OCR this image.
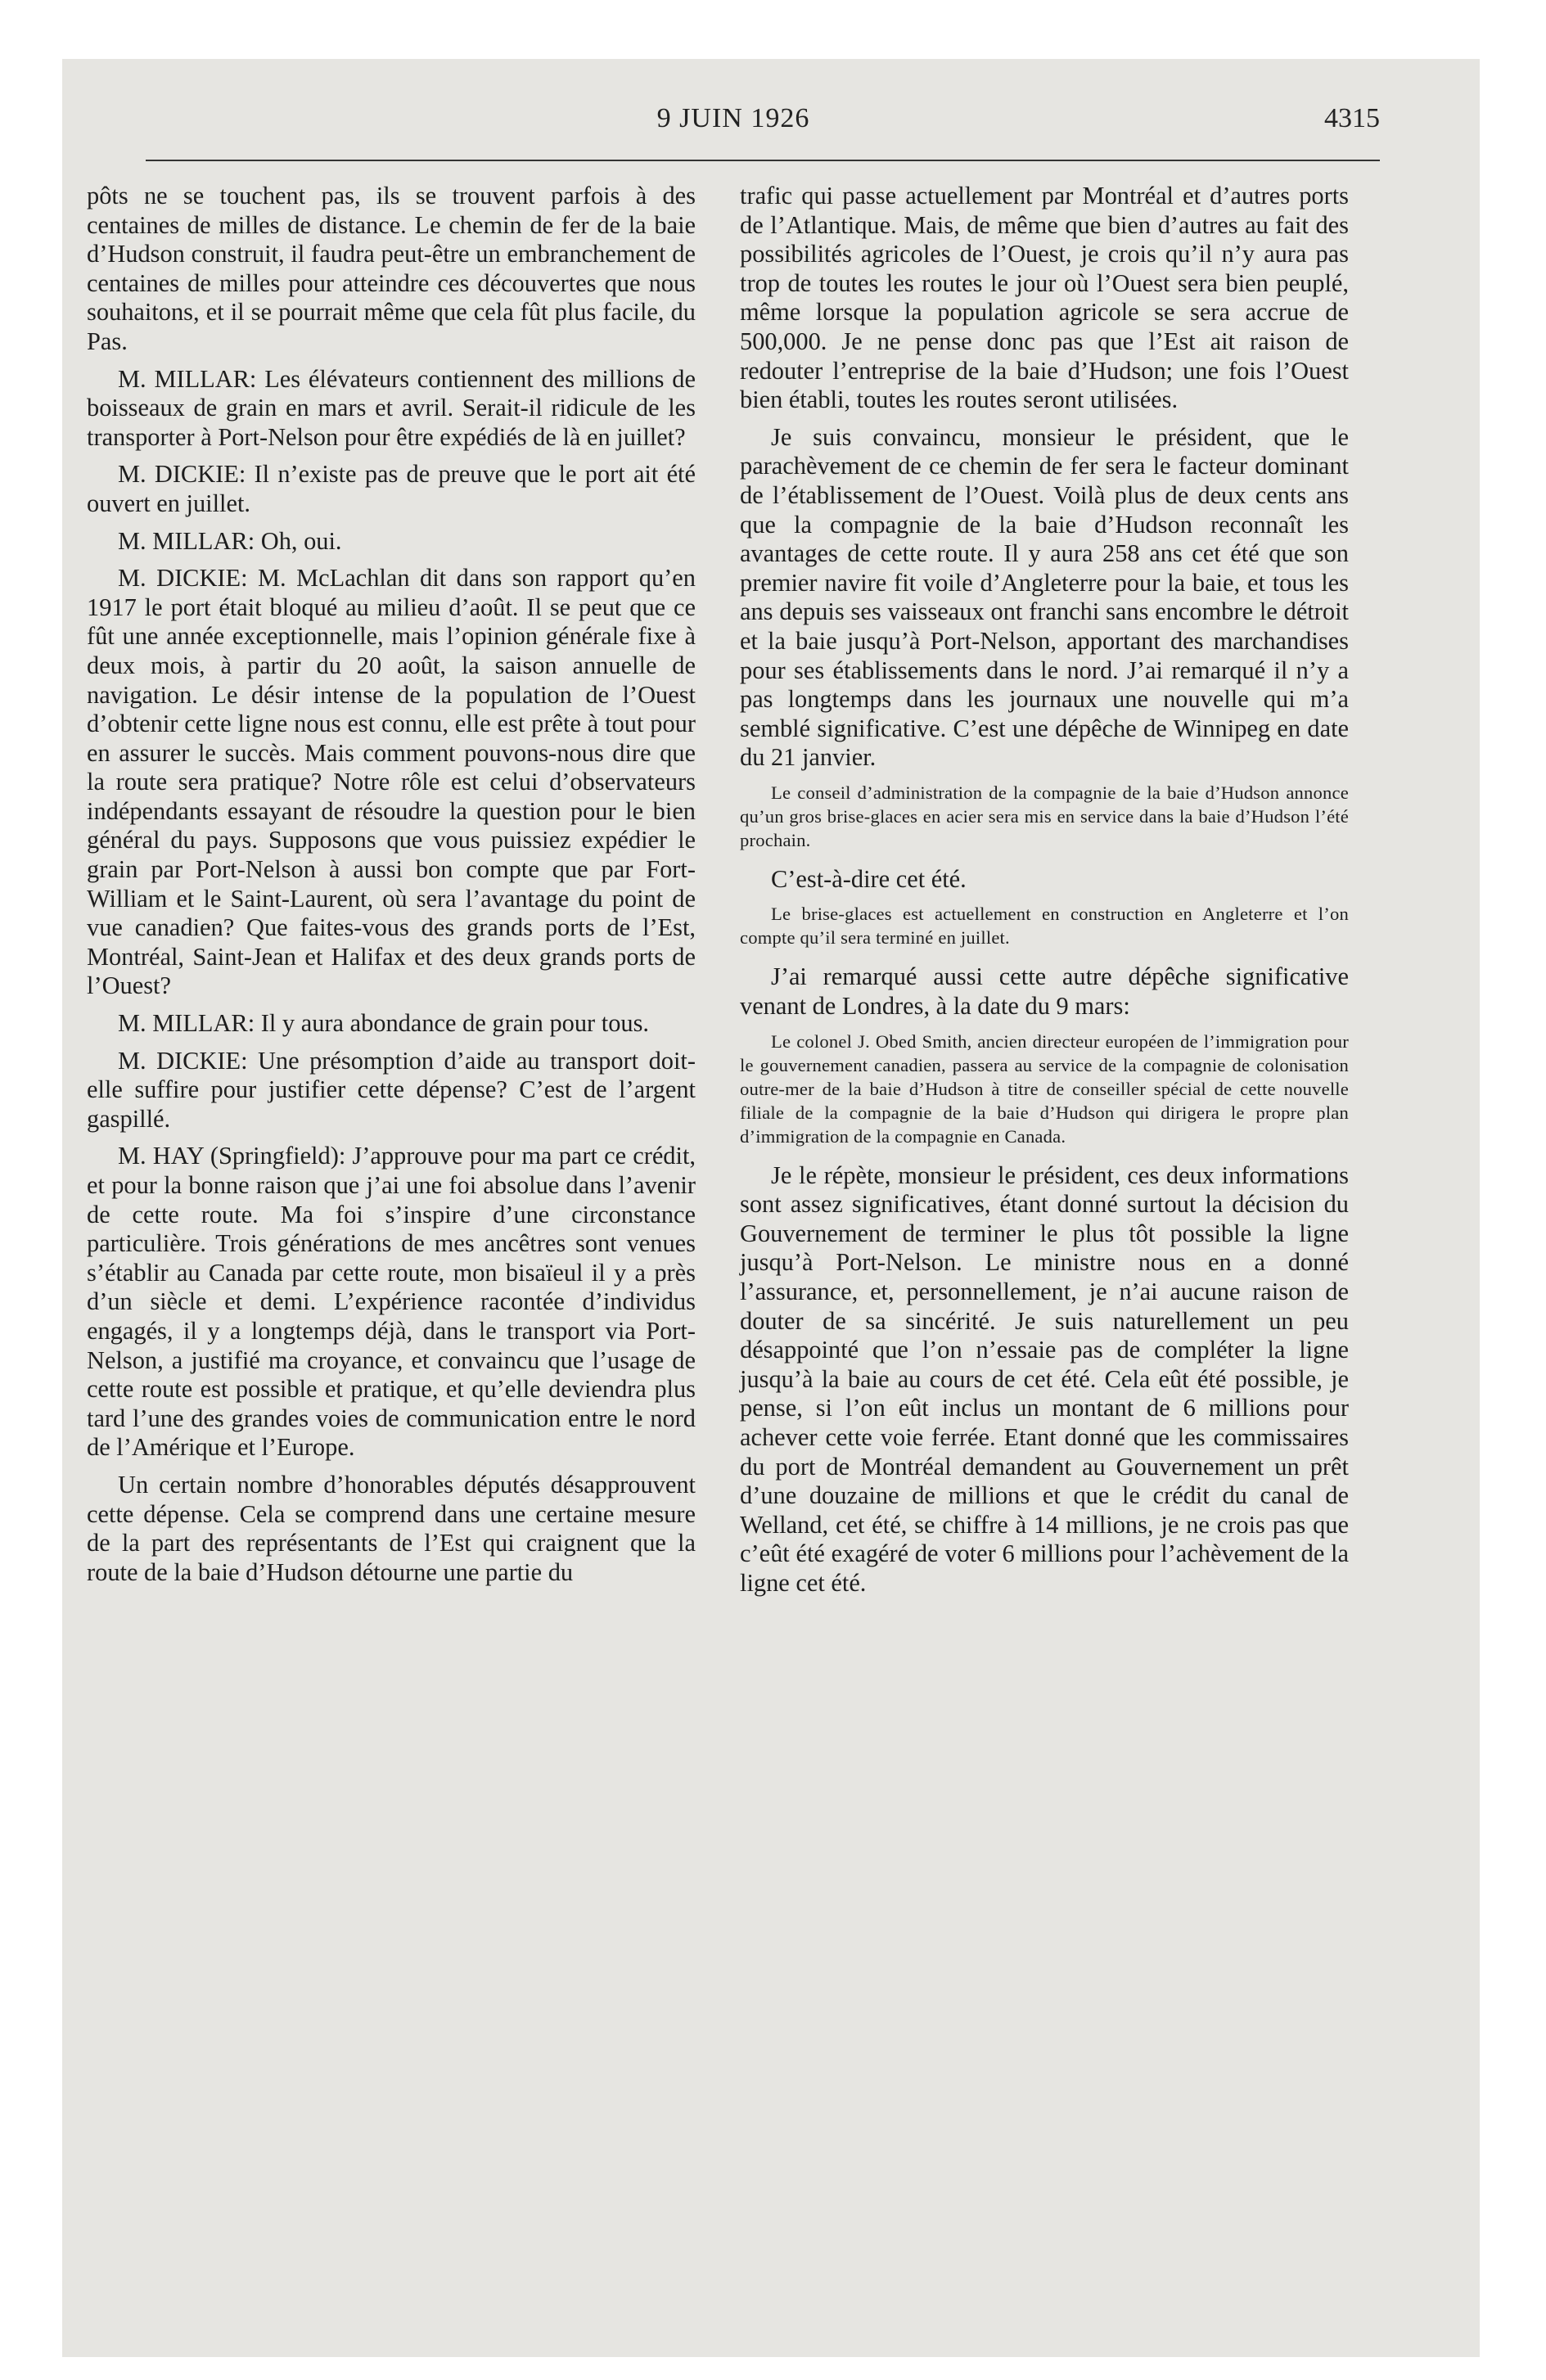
9 JUIN 1926	4315

pôts ne se touchent pas, ils se trouvent parfois à des centaines de milles de distance. Le chemin de fer de la baie d’Hudson construit, il faudra peut-être un embranchement de centaines de milles pour atteindre ces découvertes que nous souhaitons, et il se pourrait même que cela fût plus facile, du Pas.

M. MILLAR: Les élévateurs contiennent des millions de boisseaux de grain en mars et avril. Serait-il ridicule de les transporter à Port-Nelson pour être expédiés de là en juillet?

M. DICKIE: Il n’existe pas de preuve que le port ait été ouvert en juillet.

M. MILLAR: Oh, oui.

M. DICKIE: M. McLachlan dit dans son rapport qu’en 1917 le port était bloqué au milieu d’août. Il se peut que ce fût une année exceptionnelle, mais l’opinion générale fixe à deux mois, à partir du 20 août, la saison annuelle de navigation. Le désir intense de la population de l’Ouest d’obtenir cette ligne nous est connu, elle est prête à tout pour en assurer le succès. Mais comment pouvons-nous dire que la route sera pratique? Notre rôle est celui d’observateurs indépendants essayant de résoudre la question pour le bien général du pays. Supposons que vous puissiez expédier le grain par Port-Nelson à aussi bon compte que par Fort-William et le Saint-Laurent, où sera l’avantage du point de vue canadien? Que faites-vous des grands ports de l’Est, Montréal, Saint-Jean et Halifax et des deux grands ports de l’Ouest?

M. MILLAR: Il y aura abondance de grain pour tous.

M. DICKIE: Une présomption d’aide au transport doit-elle suffire pour justifier cette dépense? C’est de l’argent gaspillé.

M. HAY (Springfield): J’approuve pour ma part ce crédit, et pour la bonne raison que j’ai une foi absolue dans l’avenir de cette route. Ma foi s’inspire d’une circonstance particulière. Trois générations de mes ancêtres sont venues s’établir au Canada par cette route, mon bisaïeul il y a près d’un siècle et demi. L’expérience racontée d’individus engagés, il y a longtemps déjà, dans le transport via Port-Nelson, a justifié ma croyance, et convaincu que l’usage de cette route est possible et pratique, et qu’elle deviendra plus tard l’une des grandes voies de communication entre le nord de l’Amérique et l’Europe.

Un certain nombre d’honorables députés désapprouvent cette dépense. Cela se comprend dans une certaine mesure de la part des représentants de l’Est qui craignent que la route de la baie d’Hudson détourne une partie du

trafic qui passe actuellement par Montréal et d’autres ports de l’Atlantique. Mais, de même que bien d’autres au fait des possibilités agricoles de l’Ouest, je crois qu’il n’y aura pas trop de toutes les routes le jour où l’Ouest sera bien peuplé, même lorsque la population agricole se sera accrue de 500,000. Je ne pense donc pas que l’Est ait raison de redouter l’entreprise de la baie d’Hudson; une fois l’Ouest bien établi, toutes les routes seront utilisées.

Je suis convaincu, monsieur le président, que le parachèvement de ce chemin de fer sera le facteur dominant de l’établissement de l’Ouest. Voilà plus de deux cents ans que la compagnie de la baie d’Hudson reconnaît les avantages de cette route. Il y aura 258 ans cet été que son premier navire fit voile d’Angleterre pour la baie, et tous les ans depuis ses vaisseaux ont franchi sans encombre le détroit et la baie jusqu’à Port-Nelson, apportant des marchandises pour ses établissements dans le nord. J’ai remarqué il n’y a pas longtemps dans les journaux une nouvelle qui m’a semblé significative. C’est une dépêche de Winnipeg en date du 21 janvier.

Le conseil d’administration de la compagnie de la baie d’Hudson annonce qu’un gros brise-glaces en acier sera mis en service dans la baie d’Hudson l’été prochain.

C’est-à-dire cet été.

Le brise-glaces est actuellement en construction en Angleterre et l’on compte qu’il sera terminé en juillet.

J’ai remarqué aussi cette autre dépêche significative venant de Londres, à la date du 9 mars:

Le colonel J. Obed Smith, ancien directeur européen de l’immigration pour le gouvernement canadien, passera au service de la compagnie de colonisation outre-mer de la baie d’Hudson à titre de conseiller spécial de cette nouvelle filiale de la compagnie de la baie d’Hudson qui dirigera le propre plan d’immigration de la compagnie en Canada.

Je le répète, monsieur le président, ces deux informations sont assez significatives, étant donné surtout la décision du Gouvernement de terminer le plus tôt possible la ligne jusqu’à Port-Nelson. Le ministre nous en a donné l’assurance, et, personnellement, je n’ai aucune raison de douter de sa sincérité. Je suis naturellement un peu désappointé que l’on n’essaie pas de compléter la ligne jusqu’à la baie au cours de cet été. Cela eût été possible, je pense, si l’on eût inclus un montant de 6 millions pour achever cette voie ferrée. Etant donné que les commissaires du port de Montréal demandent au Gouvernement un prêt d’une douzaine de millions et que le crédit du canal de Welland, cet été, se chiffre à 14 millions, je ne crois pas que c’eût été exagéré de voter 6 millions pour l’achèvement de la ligne cet été.
